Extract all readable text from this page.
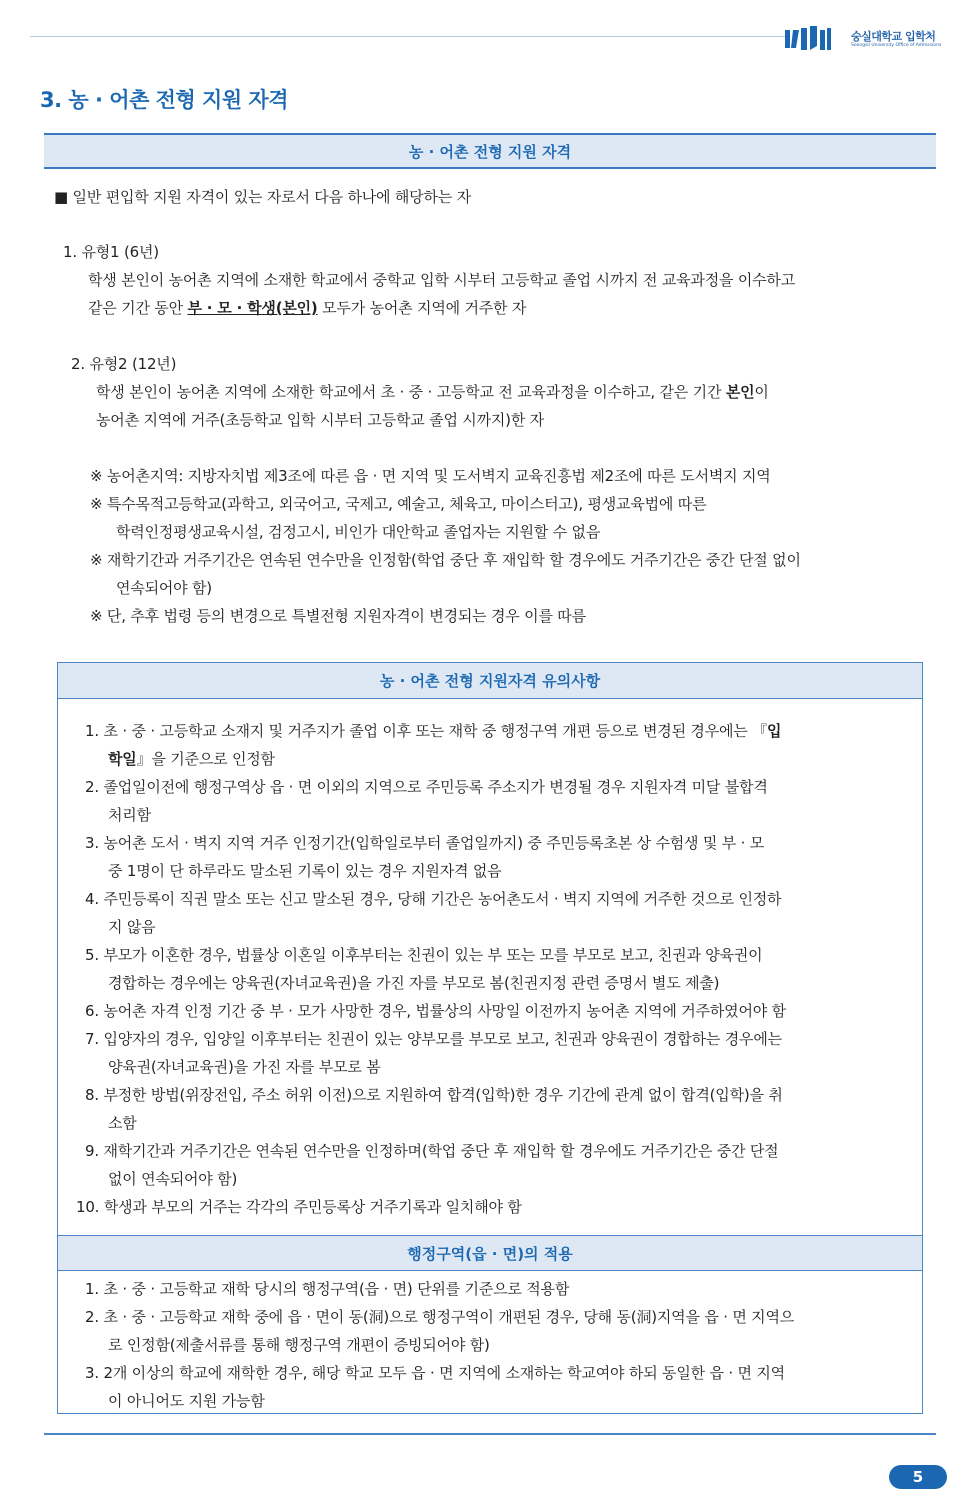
숭실대학교 입학처
Soongsil University Office of Admissions
3. 농 · 어촌 전형 지원 자격
농 · 어촌 전형 지원 자격
■ 일반 편입학 지원 자격이 있는 자로서 다음 하나에 해당하는 자
1. 유형1 (6년)
학생 본인이 농어촌 지역에 소재한 학교에서 중학교 입학 시부터 고등학교 졸업 시까지 전 교육과정을 이수하고
같은 기간 동안 부 · 모 · 학생(본인) 모두가 농어촌 지역에 거주한 자
2. 유형2 (12년)
학생 본인이 농어촌 지역에 소재한 학교에서 초 · 중 · 고등학교 전 교육과정을 이수하고, 같은 기간 본인이
농어촌 지역에 거주(초등학교 입학 시부터 고등학교 졸업 시까지)한 자
※ 농어촌지역: 지방자치법 제3조에 따른 읍 · 면 지역 및 도서벽지 교육진흥법 제2조에 따른 도서벽지 지역
※ 특수목적고등학교(과학고, 외국어고, 국제고, 예술고, 체육고, 마이스터고), 평생교육법에 따른
학력인정평생교육시설, 검정고시, 비인가 대안학교 졸업자는 지원할 수 없음
※ 재학기간과 거주기간은 연속된 연수만을 인정함(학업 중단 후 재입학 할 경우에도 거주기간은 중간 단절 없이
연속되어야 함)
※ 단, 추후 법령 등의 변경으로 특별전형 지원자격이 변경되는 경우 이를 따름
농 · 어촌 전형 지원자격 유의사항
1. 초 · 중 · 고등학교 소재지 및 거주지가 졸업 이후 또는 재학 중 행정구역 개편 등으로 변경된 경우에는 『입
학일』을 기준으로 인정함
2. 졸업일이전에 행정구역상 읍 · 면 이외의 지역으로 주민등록 주소지가 변경될 경우 지원자격 미달 불합격
처리함
3. 농어촌 도서 · 벽지 지역 거주 인정기간(입학일로부터 졸업일까지) 중 주민등록초본 상 수험생 및 부 · 모
중 1명이 단 하루라도 말소된 기록이 있는 경우 지원자격 없음
4. 주민등록이 직권 말소 또는 신고 말소된 경우, 당해 기간은 농어촌도서 · 벽지 지역에 거주한 것으로 인정하
지 않음
5. 부모가 이혼한 경우, 법률상 이혼일 이후부터는 친권이 있는 부 또는 모를 부모로 보고, 친권과 양육권이
경합하는 경우에는 양육권(자녀교육권)을 가진 자를 부모로 봄(친권지정 관련 증명서 별도 제출)
6. 농어촌 자격 인정 기간 중 부 · 모가 사망한 경우, 법률상의 사망일 이전까지 농어촌 지역에 거주하였어야 함
7. 입양자의 경우, 입양일 이후부터는 친권이 있는 양부모를 부모로 보고, 친권과 양육권이 경합하는 경우에는
양육권(자녀교육권)을 가진 자를 부모로 봄
8. 부정한 방법(위장전입, 주소 허위 이전)으로 지원하여 합격(입학)한 경우 기간에 관계 없이 합격(입학)을 취
소함
9. 재학기간과 거주기간은 연속된 연수만을 인정하며(학업 중단 후 재입학 할 경우에도 거주기간은 중간 단절
없이 연속되어야 함)
10. 학생과 부모의 거주는 각각의 주민등록상 거주기록과 일치해야 함
행정구역(읍 · 면)의 적용
1. 초 · 중 · 고등학교 재학 당시의 행정구역(읍 · 면) 단위를 기준으로 적용함
2. 초 · 중 · 고등학교 재학 중에 읍 · 면이 동(洞)으로 행정구역이 개편된 경우, 당해 동(洞)지역을 읍 · 면 지역으
로 인정함(제출서류를 통해 행정구역 개편이 증빙되어야 함)
3. 2개 이상의 학교에 재학한 경우, 해당 학교 모두 읍 · 면 지역에 소재하는 학교여야 하되 동일한 읍 · 면 지역
이 아니어도 지원 가능함
5
